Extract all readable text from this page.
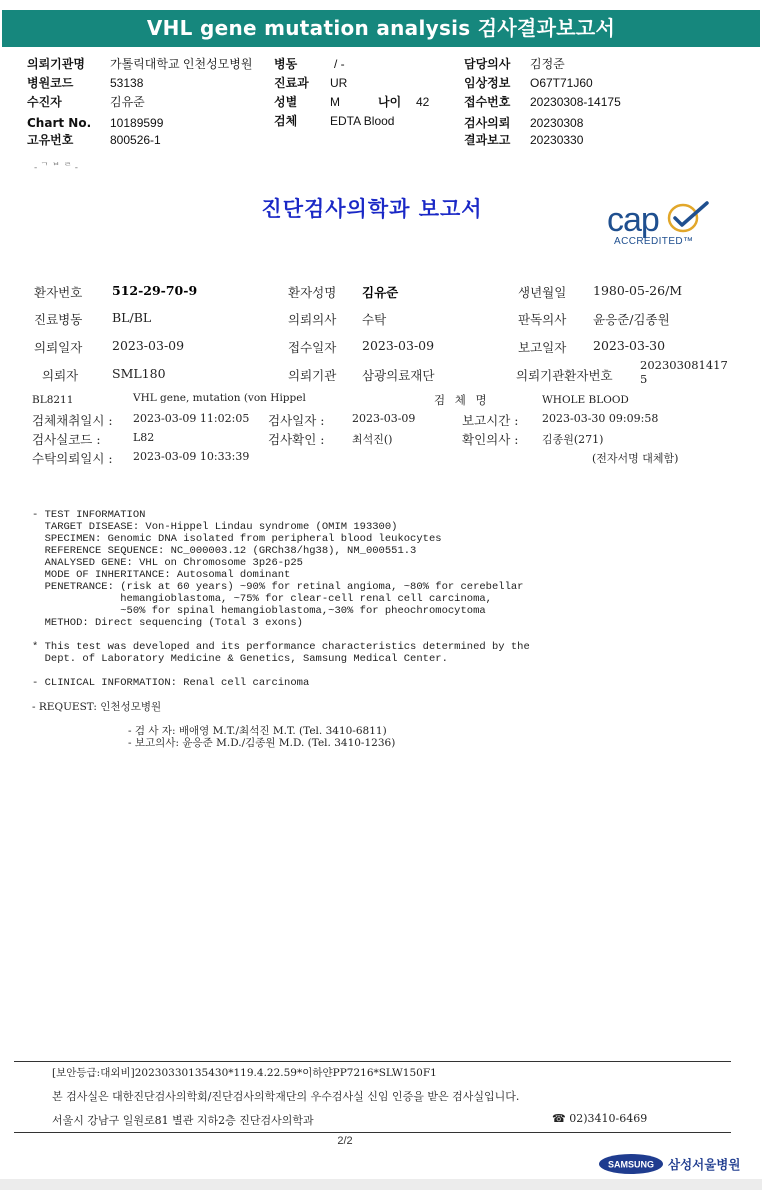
VHL gene mutation analysis 검사결과보고서
의뢰기관명 가톨릭대학교 인천성모병원
병원코드	53138
수진자	김유준
Chart No. 10189599
고유번호	800526-1
병동	/ -
진료과 UR
성별	M	나이 42
검체	EDTA Blood
담당의사 김정준
임상정보 O67T71J60
접수번호 20230308-14175
검사의뢰 20230308
결과보고 20230330
- ᄀ ᄇ ᄅ -
진단검사의학과 보고서	cap
ACCREDITED™
환자번호 512-29-70-9	환자성명 김유준	생년월일 1980-05-26/M
진료병동 BL/BL	의뢰의사 수탁	판독의사 윤응준/김종원
의뢰일자 2023-03-09	접수일자 2023-03-09	보고일자 2023-03-30
의뢰자	SML180	의뢰기관 삼광의료재단	의뢰기관환자번호
202303081417
5
BL8211	VHL gene, mutation (von Hippel	검 체 명	WHOLE BLOOD
검체채취일시 : 2023-03-09 11:02:05 검사일자 :	2023-03-09	보고시간 : 2023-03-30 09:09:58
검사실코드 :	L82	검사확인 :	최석진()	확인의사 : 김종원(271)
수탁의뢰일시 : 2023-03-09 10:33:39	(전자서명 대체함)
- TEST INFORMATION
TARGET DISEASE: Von-Hippel Lindau syndrome (OMIM 193300)
SPECIMEN: Genomic DNA isolated from peripheral blood leukocytes
REFERENCE SEQUENCE: NC_000003.12 (GRCh38/hg38), NM_000551.3
ANALYSED GENE: VHL on Chromosome 3p26-p25
MODE OF INHERITANCE: Autosomal dominant
PENETRANCE: (risk at 60 years) ~90% for retinal angioma, ~80% for cerebellar
hemangioblastoma, ~75% for clear-cell renal cell carcinoma,
~50% for spinal hemangioblastoma,~30% for pheochromocytoma
METHOD: Direct sequencing (Total 3 exons)
* This test was developed and its performance characteristics determined by the
Dept. of Laboratory Medicine & Genetics, Samsung Medical Center.
- CLINICAL INFORMATION: Renal cell carcinoma
- REQUEST: 인천성모병원
- 검 사 자: 배애영 M.T./최석진 M.T. (Tel. 3410-6811)
- 보고의사: 윤응준 M.D./김종원 M.D. (Tel. 3410-1236)
[보안등급:대외비]20230330135430*119.4.22.59*이하얀PP7216*SLW150F1
본 검사실은 대한진단검사의학회/진단검사의학재단의 우수검사실 신임 인증을 받은 검사실입니다.
서울시 강남구 일원로81 별관 지하2층 진단검사의학과	☎ 02)3410-6469
2/2
SAMSUNG 삼성서울병원
